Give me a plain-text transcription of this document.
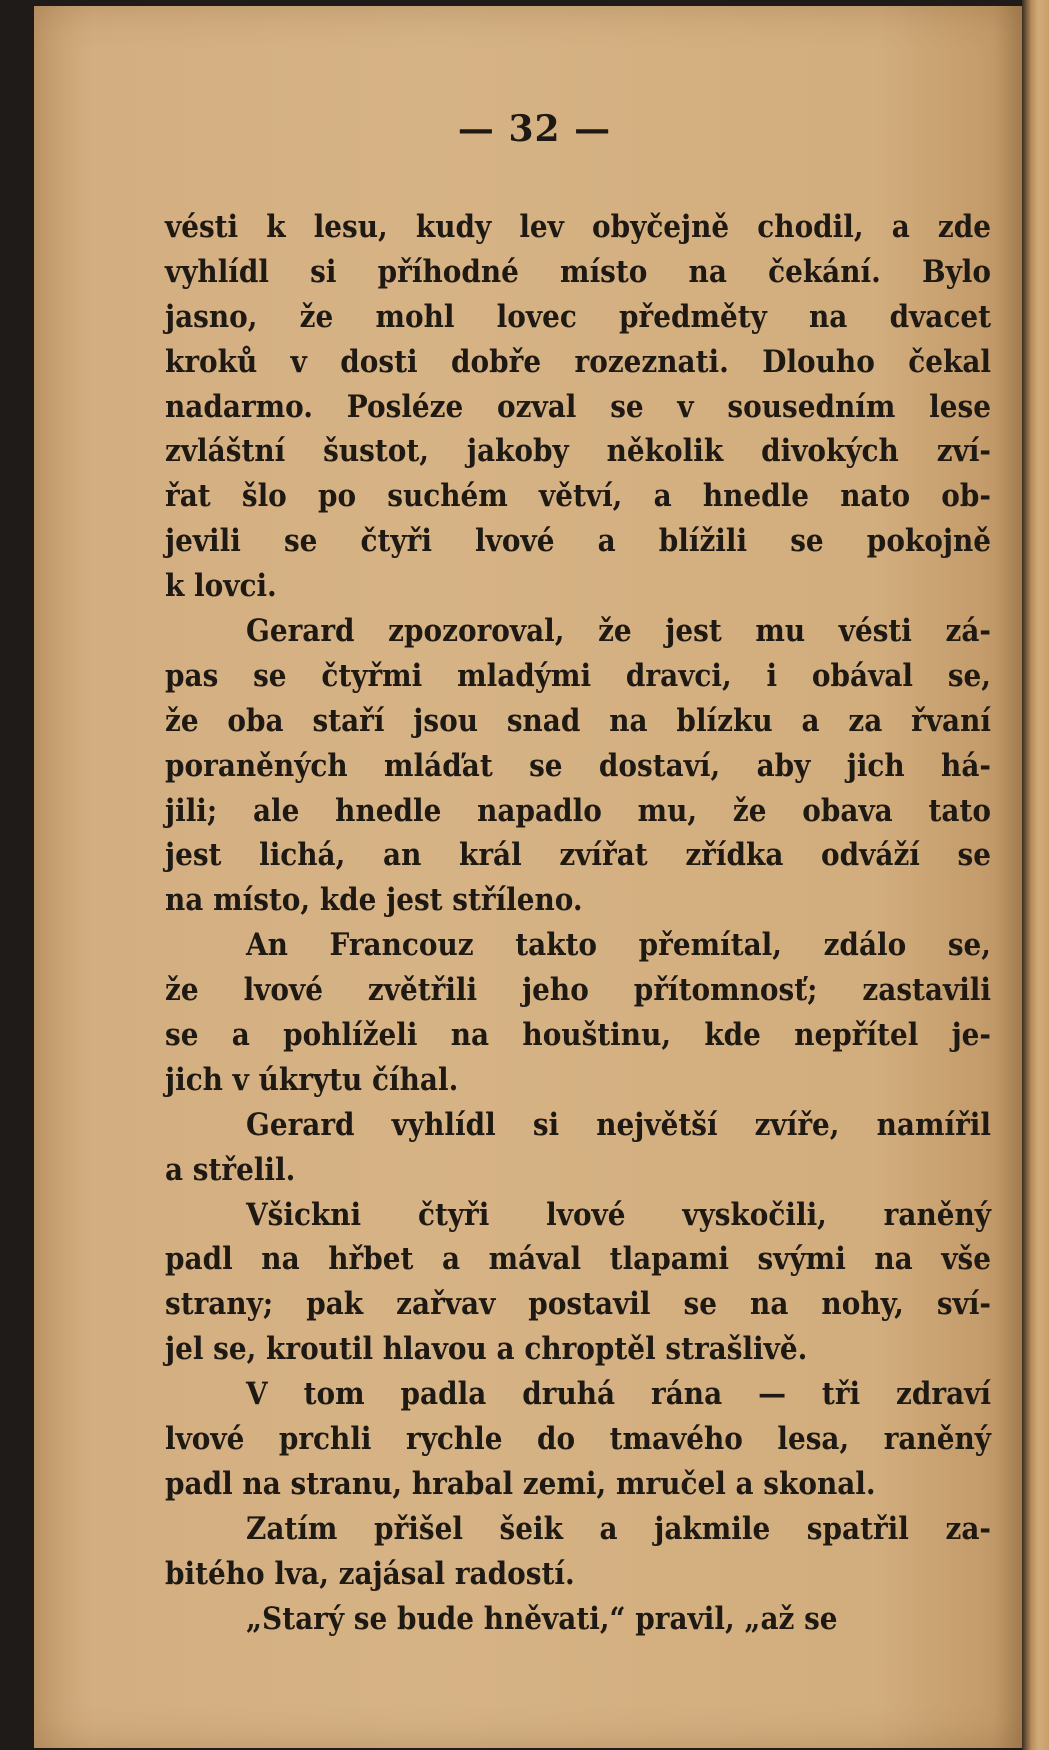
— 32 —
vésti k lesu, kudy lev obyčejně chodil, a zde
vyhlídl si příhodné místo na čekání. Bylo
jasno, že mohl lovec předměty na dvacet
kroků v dosti dobře rozeznati. Dlouho čekal
nadarmo. Posléze ozval se v sousedním lese
zvláštní šustot, jakoby několik divokých zví-
řat šlo po suchém větví, a hnedle nato ob-
jevili se čtyři lvové a blížili se pokojně
k lovci.
Gerard zpozoroval, že jest mu vésti zá-
pas se čtyřmi mladými dravci, i obával se,
že oba staří jsou snad na blízku a za řvaní
poraněných mláďat se dostaví, aby jich há-
jili; ale hnedle napadlo mu, že obava tato
jest lichá, an král zvířat zřídka odváží se
na místo, kde jest stříleno.
An Francouz takto přemítal, zdálo se,
že lvové zvětřili jeho přítomnosť; zastavili
se a pohlíželi na houštinu, kde nepřítel je-
jich v úkrytu číhal.
Gerard vyhlídl si největší zvíře, namířil
a střelil.
Všickni čtyři lvové vyskočili, raněný
padl na hřbet a mával tlapami svými na vše
strany; pak zařvav postavil se na nohy, sví-
jel se, kroutil hlavou a chroptěl strašlivě.
V tom padla druhá rána — tři zdraví
lvové prchli rychle do tmavého lesa, raněný
padl na stranu, hrabal zemi, mručel a skonal.
Zatím přišel šeik a jakmile spatřil za-
bitého lva, zajásal radostí.
„Starý se bude hněvati,“ pravil, „až se
